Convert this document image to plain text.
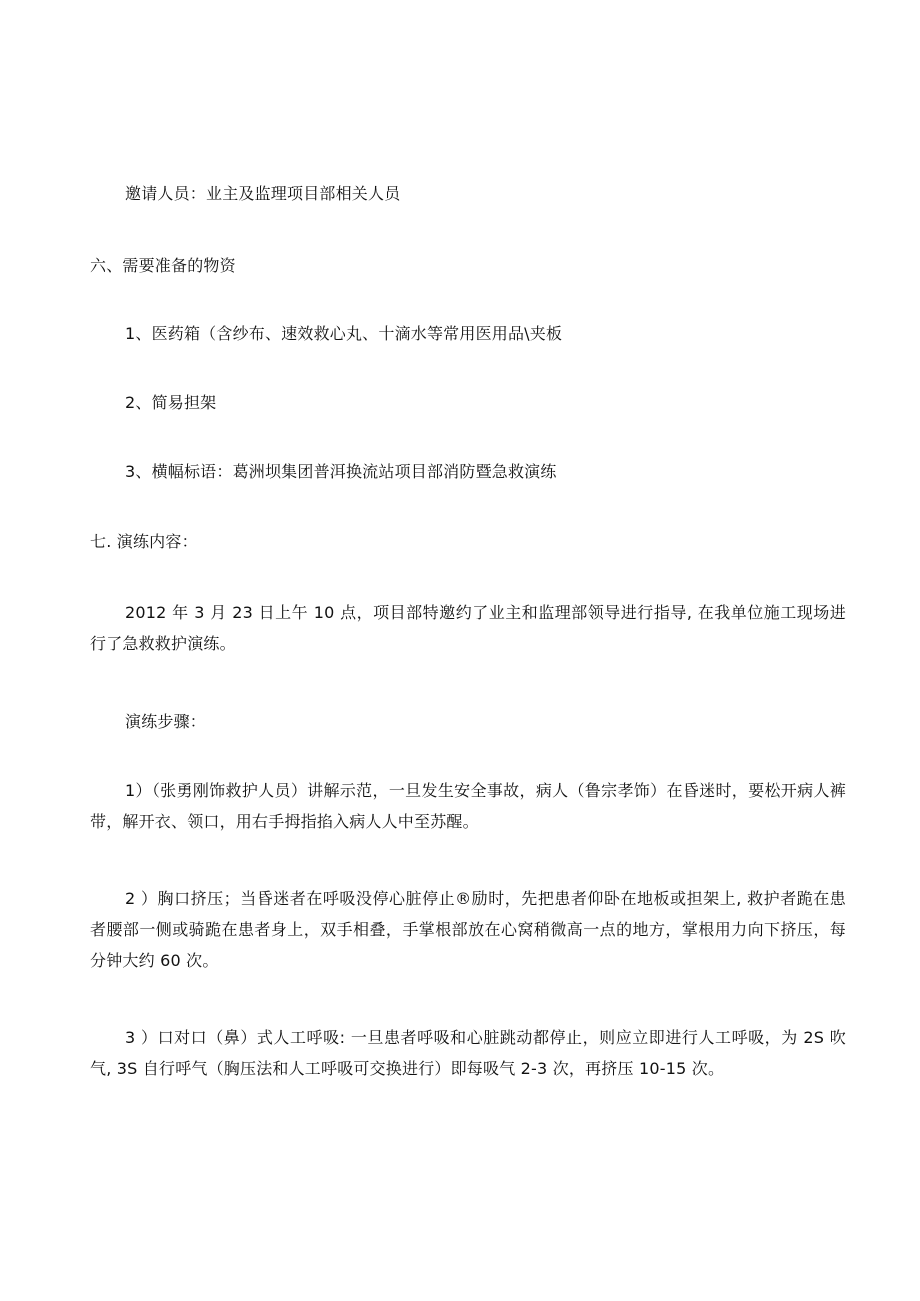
邀请人员：业主及监理项目部相关人员
六、需要准备的物资
1、医药箱（含纱布、速效救心丸、十滴水等常用医用品\夹板
2、简易担架
3、横幅标语：葛洲坝集团普洱换流站项目部消防暨急救演练
七. 演练内容：
2012 年 3 月 23 日上午 10 点，项目部特邀约了业主和监理部领导进行指导, 在我单位施工现场进行了急救救护演练。
演练步骤：
1）（张勇刚饰救护人员）讲解示范，一旦发生安全事故，病人（鲁宗孝饰）在昏迷时，要松开病人裤带，解开衣、领口，用右手拇指掐入病人人中至苏醒。
2 ）胸口挤压；当昏迷者在呼吸没停心脏停止®励时，先把患者仰卧在地板或担架上, 救护者跪在患者腰部一侧或骑跪在患者身上，双手相叠，手掌根部放在心窝稍微高一点的地方，掌根用力向下挤压，每分钟大约 60 次。
3 ）口对口（鼻）式人工呼吸: 一旦患者呼吸和心脏跳动都停止，则应立即进行人工呼吸，为 2S 吹气, 3S 自行呼气（胸压法和人工呼吸可交换进行）即每吸气 2-3 次，再挤压 10-15 次。
